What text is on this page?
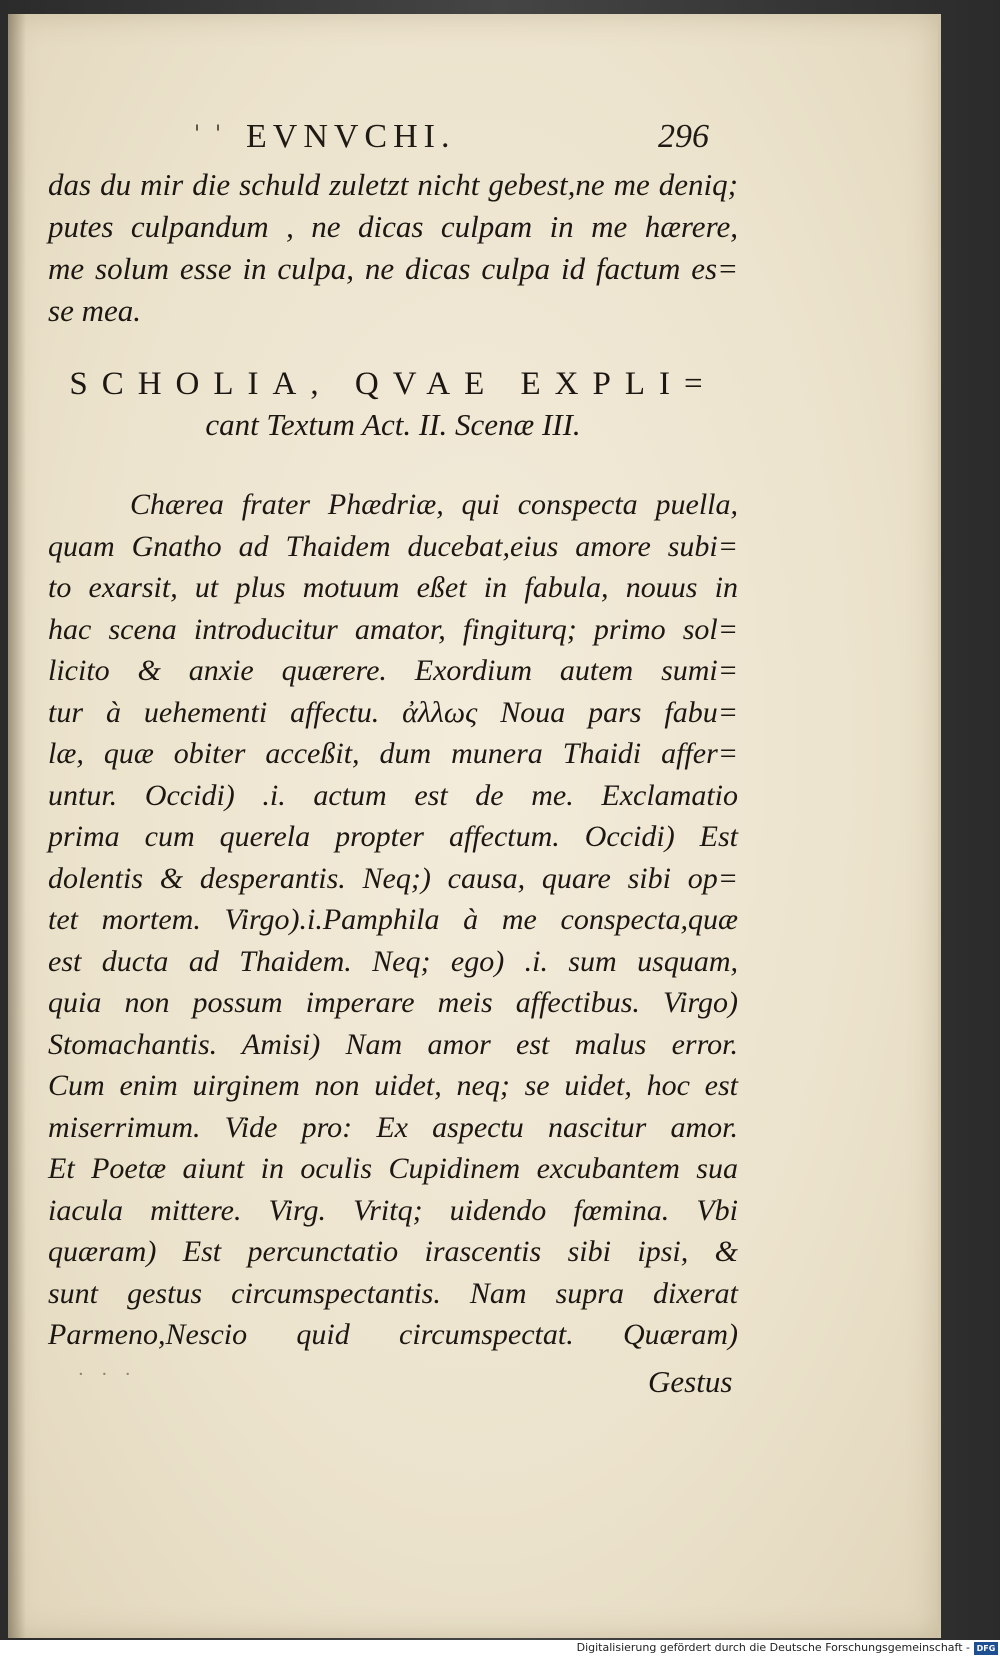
' ' EVNVCHI.	296
das du mir die schuld zuletzt nicht gebest,ne me deniq;
putes culpandum , ne dicas culpam in me hærere,
me solum esse in culpa, ne dicas culpa id factum es=
se mea.
SCHOLIA, QVAE EXPLI=
cant Textum Act. II. Scenæ III.
Chærea frater Phædriæ, qui conspecta puella,
quam Gnatho ad Thaidem ducebat,eius amore subi=
to exarsit, ut plus motuum eßet in fabula, nouus in
hac scena introducitur amator, fingiturq; primo sol=
licito & anxie quærere. Exordium autem sumi=
tur à uehementi affectu. ἀλλως Noua pars fabu=
læ, quæ obiter acceßit, dum munera Thaidi affer=
untur. Occidi) .i. actum est de me. Exclamatio
prima cum querela propter affectum. Occidi) Est
dolentis & desperantis. Neq;) causa, quare sibi op=
tet mortem. Virgo).i.Pamphila à me conspecta,quæ
est ducta ad Thaidem. Neq; ego) .i. sum usquam,
quia non possum imperare meis affectibus. Virgo)
Stomachantis. Amisi) Nam amor est malus error.
Cum enim uirginem non uidet, neq; se uidet, hoc est
miserrimum. Vide pro: Ex aspectu nascitur amor.
Et Poetæ aiunt in oculis Cupidinem excubantem sua
iacula mittere. Virg. Vritq; uidendo fœmina. Vbi
quæram) Est percunctatio irascentis sibi ipsi, &
sunt gestus circumspectantis. Nam supra dixerat
Parmeno,Nescio quid circumspectat. Quæram)
· · ·	Gestus
Digitalisierung gefördert durch die Deutsche Forschungsgemeinschaft - DFG
